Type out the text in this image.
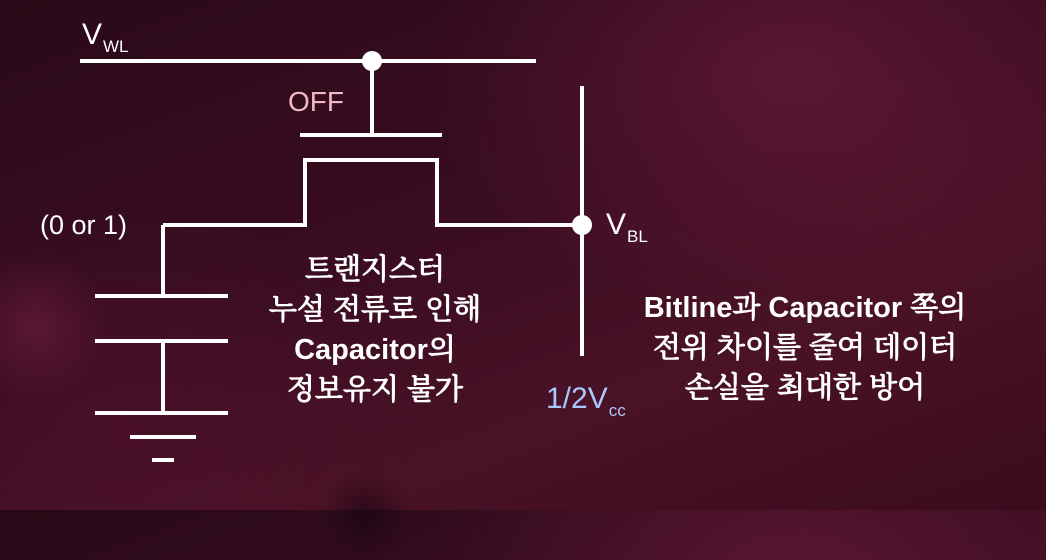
$V_{WL}$
OFF
(0 or 1)	$V_{BL}$
$1/2V_{cc}$
트랜지스터
누설 전류로 인해
Capacitor의
정보유지 불가
Bitline과 Capacitor 쪽의
전위 차이를 줄여 데이터
손실을 최대한 방어
